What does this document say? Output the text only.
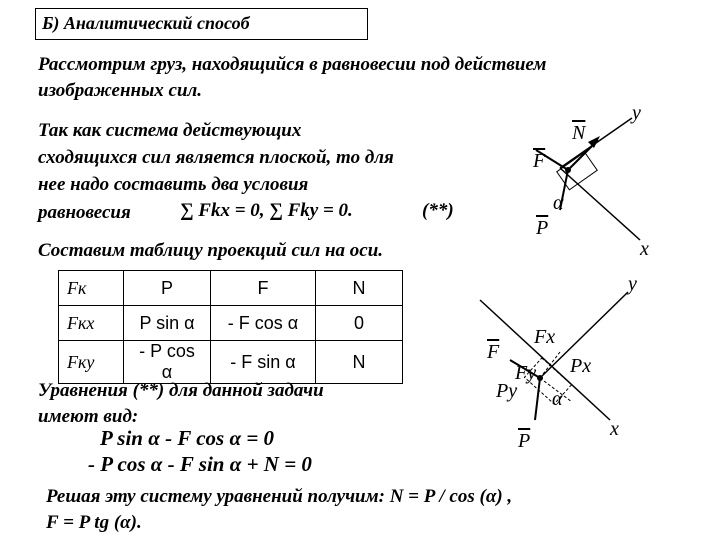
Б) Аналитический способ
Рассмотрим груз, находящийся в равновесии под действием
изображенных сил.
Так как система действующих
сходящихся сил является плоской, то для
нее надо составить два условия
равновесия	∑ Fkx = 0, ∑ Fky = 0.	(**)
Составим таблицу проекций сил на оси.
Fк	P	F	N
Fкx	P sin α	- F cos α	0
Fкy	- P cos α	- F sin α	N
Уравнения (**) для данной задачи
имеют вид:
P sin α - F cos α = 0
- P cos α - F sin α + N = 0
Решая эту систему уравнений получим: N = P / cos (α) ,
F = P tg (α).
y
$\overline{N}$
$\overline{F}$
α
$\overline{P}$
x
y
Fx
$\overline{F}$
Fy
Py
Px
α
$\overline{P}$
x
